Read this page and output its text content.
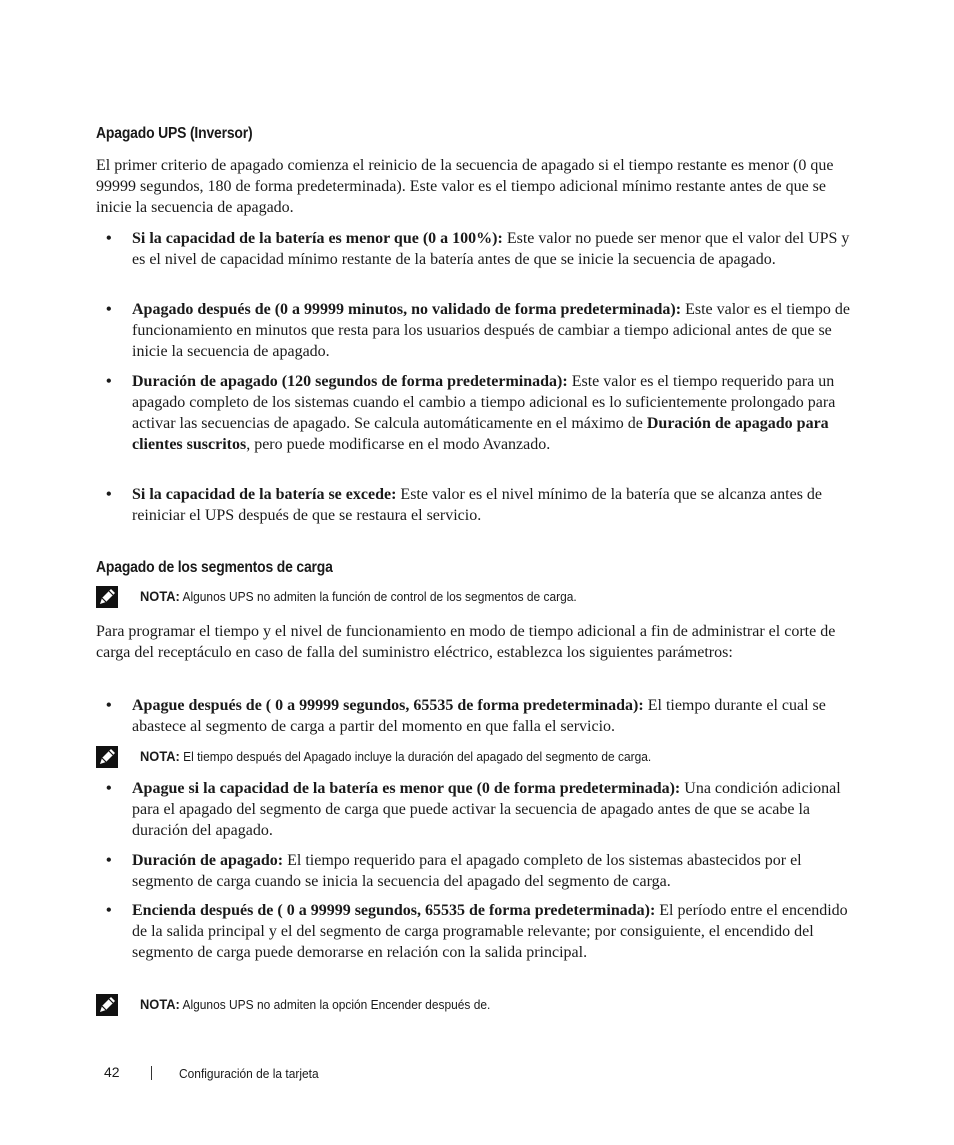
Apagado UPS (Inversor)

El primer criterio de apagado comienza el reinicio de la secuencia de apagado si el tiempo restante es menor (0 que 99999 segundos, 180 de forma predeterminada). Este valor es el tiempo adicional mínimo restante antes de que se inicie la secuencia de apagado.

• Si la capacidad de la batería es menor que (0 a 100%): Este valor no puede ser menor que el valor del UPS y es el nivel de capacidad mínimo restante de la batería antes de que se inicie la secuencia de apagado.
• Apagado después de (0 a 99999 minutos, no validado de forma predeterminada): Este valor es el tiempo de funcionamiento en minutos que resta para los usuarios después de cambiar a tiempo adicional antes de que se inicie la secuencia de apagado.
• Duración de apagado (120 segundos de forma predeterminada): Este valor es el tiempo requerido para un apagado completo de los sistemas cuando el cambio a tiempo adicional es lo suficientemente prolongado para activar las secuencias de apagado. Se calcula automáticamente en el máximo de Duración de apagado para clientes suscritos, pero puede modificarse en el modo Avanzado.
• Si la capacidad de la batería se excede: Este valor es el nivel mínimo de la batería que se alcanza antes de reiniciar el UPS después de que se restaura el servicio.
Apagado de los segmentos de carga
NOTA: Algunos UPS no admiten la función de control de los segmentos de carga.

Para programar el tiempo y el nivel de funcionamiento en modo de tiempo adicional a fin de administrar el corte de carga del receptáculo en caso de falla del suministro eléctrico, establezca los siguientes parámetros:

• Apague después de ( 0 a 99999 segundos, 65535 de forma predeterminada): El tiempo durante el cual se abastece al segmento de carga a partir del momento en que falla el servicio.
NOTA: El tiempo después del Apagado incluye la duración del apagado del segmento de carga.
• Apague si la capacidad de la batería es menor que (0 de forma predeterminada): Una condición adicional para el apagado del segmento de carga que puede activar la secuencia de apagado antes de que se acabe la duración del apagado.
• Duración de apagado: El tiempo requerido para el apagado completo de los sistemas abastecidos por el segmento de carga cuando se inicia la secuencia del apagado del segmento de carga.
• Encienda después de ( 0 a 99999 segundos, 65535 de forma predeterminada): El período entre el encendido de la salida principal y el del segmento de carga programable relevante; por consiguiente, el encendido del segmento de carga puede demorarse en relación con la salida principal.
NOTA: Algunos UPS no admiten la opción Encender después de.
42	Configuración de la tarjeta
